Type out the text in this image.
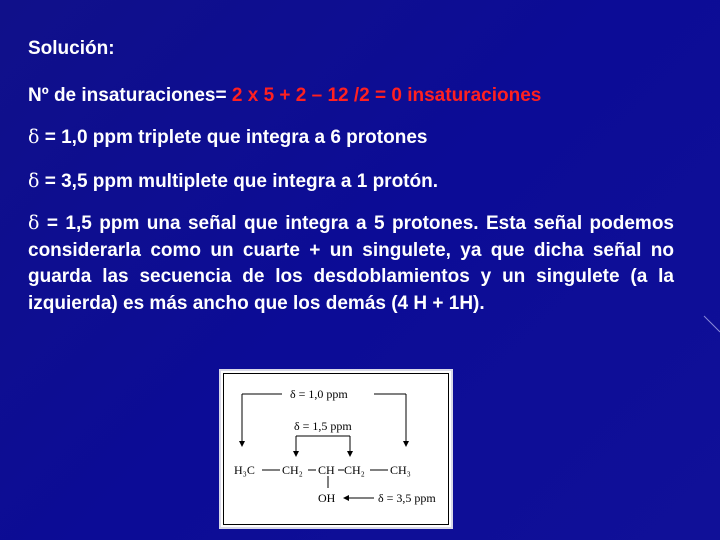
Solución:
Nº de insaturaciones= 2 x 5 + 2 – 12 /2 = 0 insaturaciones
δ = 1,0 ppm triplete que integra a 6 protones
δ = 3,5 ppm multiplete que integra a 1 protón.
δ = 1,5 ppm una señal que integra a 5 protones. Esta señal podemos considerarla como un cuarte + un singulete, ya que dicha señal no guarda las secuencia de los desdoblamientos y un singulete (a la izquierda) es más ancho que los demás (4 H + 1H).
δ = 1,0 ppm
δ = 1,5 ppm
H₃C CH₂ CH CH₂ CH₃
OH	δ = 3,5 ppm
